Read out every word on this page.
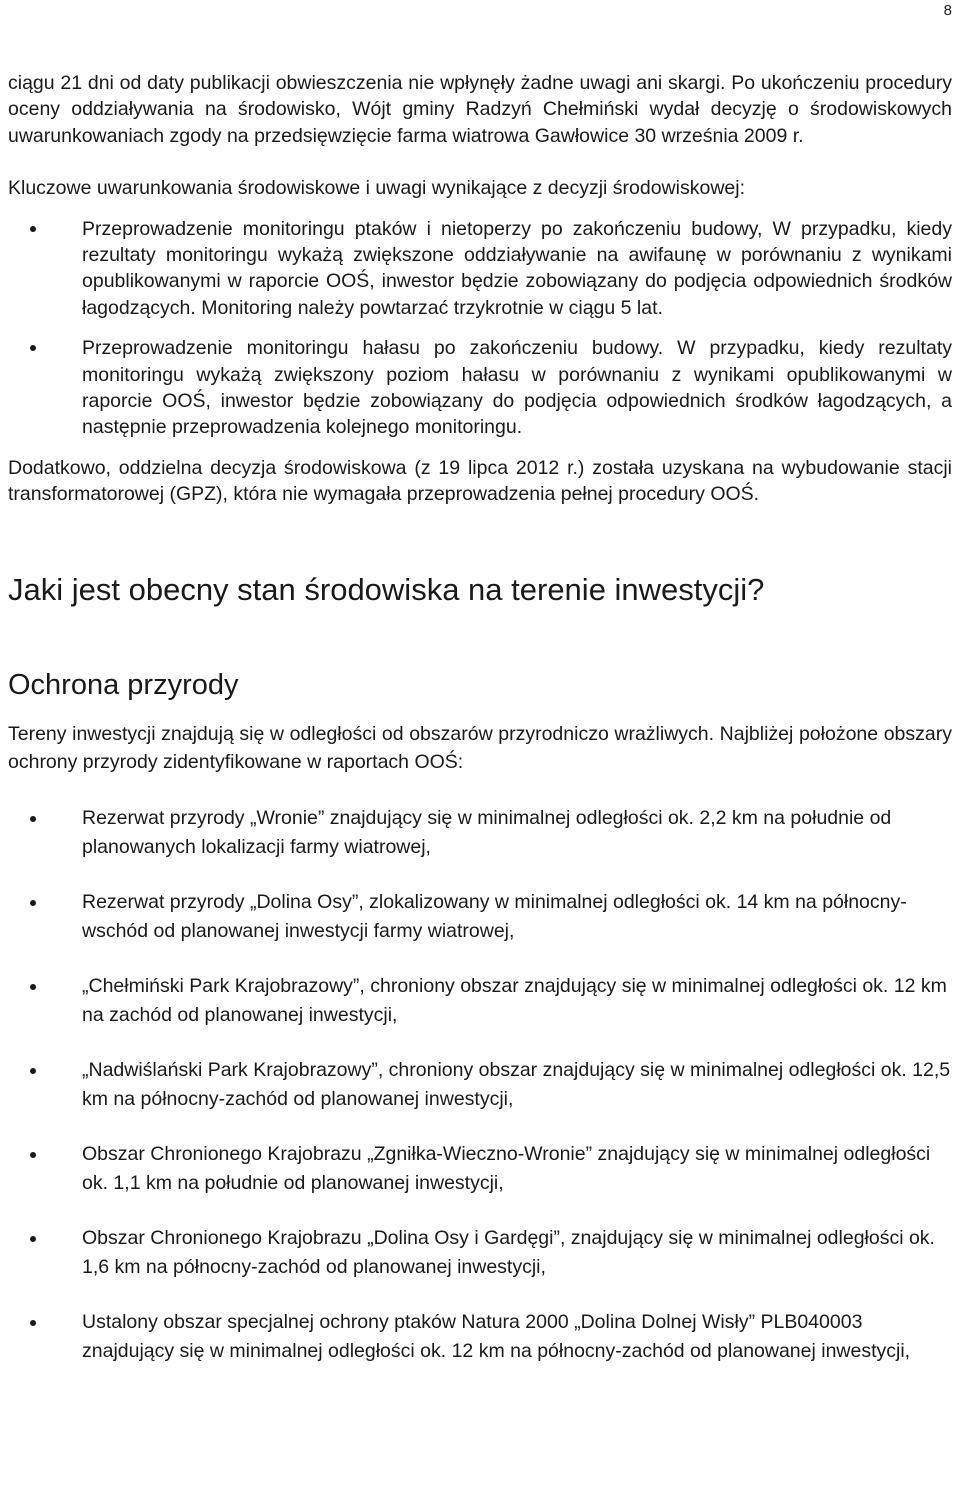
8

ciągu 21 dni od daty publikacji obwieszczenia nie wpłynęły żadne uwagi ani skargi. Po ukończeniu procedury oceny oddziaływania na środowisko, Wójt gminy Radzyń Chełmiński wydał decyzję o środowiskowych uwarunkowaniach zgody na przedsięwzięcie farma wiatrowa Gawłowice 30 września 2009 r.

Kluczowe uwarunkowania środowiskowe i uwagi wynikające z decyzji środowiskowej:

Przeprowadzenie monitoringu ptaków i nietoperzy po zakończeniu budowy, W przypadku, kiedy rezultaty monitoringu wykażą zwiększone oddziaływanie na awifaunę w porównaniu z wynikami opublikowanymi w raporcie OOŚ, inwestor będzie zobowiązany do podjęcia odpowiednich środków łagodzących. Monitoring należy powtarzać trzykrotnie w ciągu 5 lat.
Przeprowadzenie monitoringu hałasu po zakończeniu budowy. W przypadku, kiedy rezultaty monitoringu wykażą zwiększony poziom hałasu w porównaniu z wynikami opublikowanymi w raporcie OOŚ, inwestor będzie zobowiązany do podjęcia odpowiednich środków łagodzących, a następnie przeprowadzenia kolejnego monitoringu.

Dodatkowo, oddzielna decyzja środowiskowa (z 19 lipca 2012 r.) została uzyskana na wybudowanie stacji transformatorowej (GPZ), która nie wymagała przeprowadzenia pełnej procedury OOŚ.

Jaki jest obecny stan środowiska na terenie inwestycji?
Ochrona przyrody

Tereny inwestycji znajdują się w odległości od obszarów przyrodniczo wrażliwych. Najbliżej położone obszary ochrony przyrody zidentyfikowane w raportach OOŚ:

Rezerwat przyrody „Wronie” znajdujący się w minimalnej odległości ok. 2,2 km na południe od planowanych lokalizacji farmy wiatrowej,
Rezerwat przyrody „Dolina Osy”, zlokalizowany w minimalnej odległości ok. 14 km na północny-wschód od planowanej inwestycji farmy wiatrowej,
„Chełmiński Park Krajobrazowy”, chroniony obszar znajdujący się w minimalnej odległości ok. 12 km na zachód od planowanej inwestycji,
„Nadwiślański Park Krajobrazowy”, chroniony obszar znajdujący się w minimalnej odległości ok. 12,5 km na północny-zachód od planowanej inwestycji,
Obszar Chronionego Krajobrazu „Zgniłka-Wieczno-Wronie” znajdujący się w minimalnej odległości ok. 1,1 km na południe od planowanej inwestycji,
Obszar Chronionego Krajobrazu „Dolina Osy i Gardęgi”, znajdujący się w minimalnej odległości ok. 1,6 km na północny-zachód od planowanej inwestycji,
Ustalony obszar specjalnej ochrony ptaków Natura 2000 „Dolina Dolnej Wisły” PLB040003 znajdujący się w minimalnej odległości ok. 12 km na północny-zachód od planowanej inwestycji,
